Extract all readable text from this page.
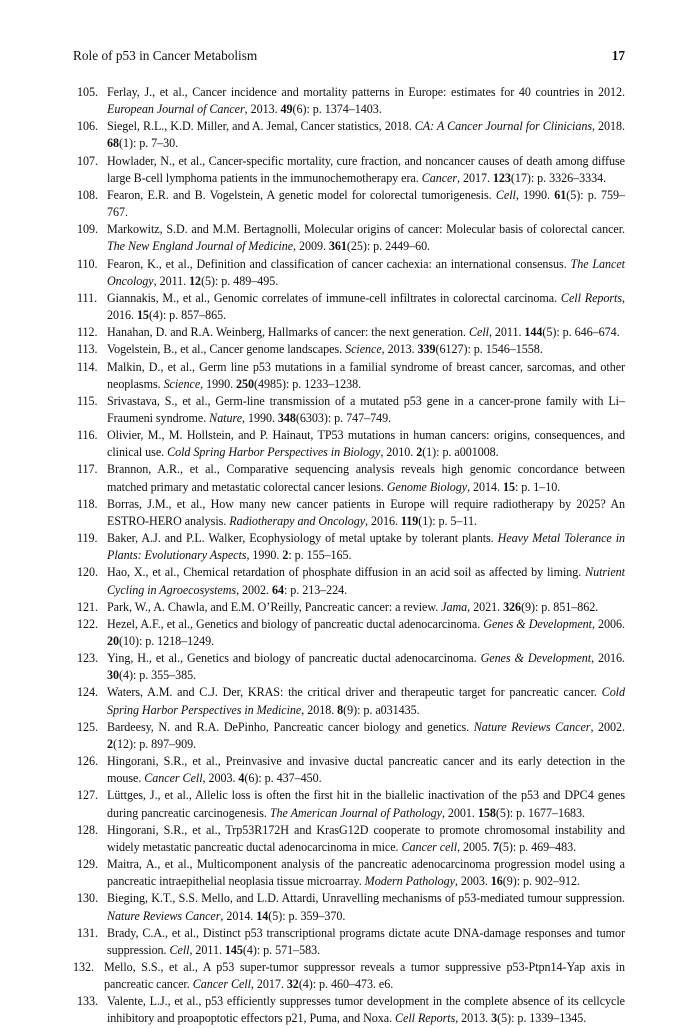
Role of p53 in Cancer Metabolism	17
105. Ferlay, J., et al., Cancer incidence and mortality patterns in Europe: estimates for 40 countries in 2012. European Journal of Cancer, 2013. 49(6): p. 1374–1403.
106. Siegel, R.L., K.D. Miller, and A. Jemal, Cancer statistics, 2018. CA: A Cancer Journal for Clinicians, 2018. 68(1): p. 7–30.
107. Howlader, N., et al., Cancer-specific mortality, cure fraction, and noncancer causes of death among diffuse large B-cell lymphoma patients in the immunochemotherapy era. Cancer, 2017. 123(17): p. 3326–3334.
108. Fearon, E.R. and B. Vogelstein, A genetic model for colorectal tumorigenesis. Cell, 1990. 61(5): p. 759–767.
109. Markowitz, S.D. and M.M. Bertagnolli, Molecular origins of cancer: Molecular basis of colorectal cancer. The New England Journal of Medicine, 2009. 361(25): p. 2449–60.
110. Fearon, K., et al., Definition and classification of cancer cachexia: an international consensus. The Lancet Oncology, 2011. 12(5): p. 489–495.
111. Giannakis, M., et al., Genomic correlates of immune-cell infiltrates in colorectal carcinoma. Cell Reports, 2016. 15(4): p. 857–865.
112. Hanahan, D. and R.A. Weinberg, Hallmarks of cancer: the next generation. Cell, 2011. 144(5): p. 646–674.
113. Vogelstein, B., et al., Cancer genome landscapes. Science, 2013. 339(6127): p. 1546–1558.
114. Malkin, D., et al., Germ line p53 mutations in a familial syndrome of breast cancer, sarcomas, and other neoplasms. Science, 1990. 250(4985): p. 1233–1238.
115. Srivastava, S., et al., Germ-line transmission of a mutated p53 gene in a cancer-prone family with Li–Fraumeni syndrome. Nature, 1990. 348(6303): p. 747–749.
116. Olivier, M., M. Hollstein, and P. Hainaut, TP53 mutations in human cancers: origins, consequences, and clinical use. Cold Spring Harbor Perspectives in Biology, 2010. 2(1): p. a001008.
117. Brannon, A.R., et al., Comparative sequencing analysis reveals high genomic concordance between matched primary and metastatic colorectal cancer lesions. Genome Biology, 2014. 15: p. 1–10.
118. Borras, J.M., et al., How many new cancer patients in Europe will require radiotherapy by 2025? An ESTRO-HERO analysis. Radiotherapy and Oncology, 2016. 119(1): p. 5–11.
119. Baker, A.J. and P.L. Walker, Ecophysiology of metal uptake by tolerant plants. Heavy Metal Tolerance in Plants: Evolutionary Aspects, 1990. 2: p. 155–165.
120. Hao, X., et al., Chemical retardation of phosphate diffusion in an acid soil as affected by liming. Nutrient Cycling in Agroecosystems, 2002. 64: p. 213–224.
121. Park, W., A. Chawla, and E.M. O’Reilly, Pancreatic cancer: a review. Jama, 2021. 326(9): p. 851–862.
122. Hezel, A.F., et al., Genetics and biology of pancreatic ductal adenocarcinoma. Genes & Development, 2006. 20(10): p. 1218–1249.
123. Ying, H., et al., Genetics and biology of pancreatic ductal adenocarcinoma. Genes & Development, 2016. 30(4): p. 355–385.
124. Waters, A.M. and C.J. Der, KRAS: the critical driver and therapeutic target for pancreatic cancer. Cold Spring Harbor Perspectives in Medicine, 2018. 8(9): p. a031435.
125. Bardeesy, N. and R.A. DePinho, Pancreatic cancer biology and genetics. Nature Reviews Cancer, 2002. 2(12): p. 897–909.
126. Hingorani, S.R., et al., Preinvasive and invasive ductal pancreatic cancer and its early detection in the mouse. Cancer Cell, 2003. 4(6): p. 437–450.
127. Lüttges, J., et al., Allelic loss is often the first hit in the biallelic inactivation of the p53 and DPC4 genes during pancreatic carcinogenesis. The American Journal of Pathology, 2001. 158(5): p. 1677–1683.
128. Hingorani, S.R., et al., Trp53R172H and KrasG12D cooperate to promote chromosomal instability and widely metastatic pancreatic ductal adenocarcinoma in mice. Cancer cell, 2005. 7(5): p. 469–483.
129. Maitra, A., et al., Multicomponent analysis of the pancreatic adenocarcinoma progression model using a pancreatic intraepithelial neoplasia tissue microarray. Modern Pathology, 2003. 16(9): p. 902–912.
130. Bieging, K.T., S.S. Mello, and L.D. Attardi, Unravelling mechanisms of p53-mediated tumour suppression. Nature Reviews Cancer, 2014. 14(5): p. 359–370.
131. Brady, C.A., et al., Distinct p53 transcriptional programs dictate acute DNA-damage responses and tumor suppression. Cell, 2011. 145(4): p. 571–583.
132. Mello, S.S., et al., A p53 super-tumor suppressor reveals a tumor suppressive p53-Ptpn14-Yap axis in pancreatic cancer. Cancer Cell, 2017. 32(4): p. 460–473. e6.
133. Valente, L.J., et al., p53 efficiently suppresses tumor development in the complete absence of its cellcycle inhibitory and proapoptotic effectors p21, Puma, and Noxa. Cell Reports, 2013. 3(5): p. 1339–1345.
